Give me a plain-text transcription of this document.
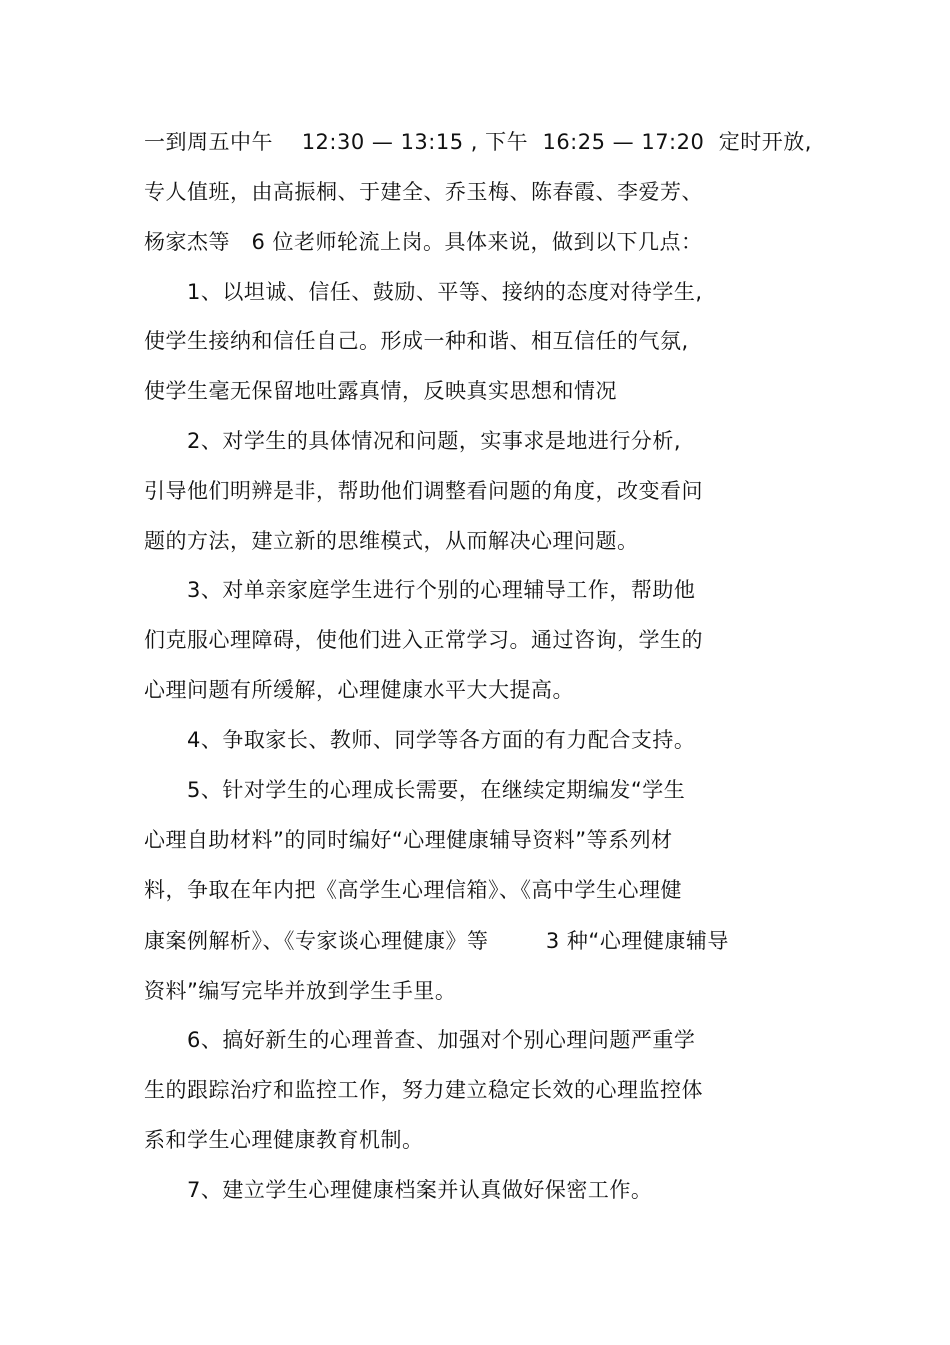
一到周五中午    12:30 — 13:15 , 下午  16:25 — 17:20  定时开放,
专人值班，由高振桐、于建全、乔玉梅、陈春霞、李爱芳、
杨家杰等   6 位老师轮流上岗。具体来说，做到以下几点：
1、以坦诚、信任、鼓励、平等、接纳的态度对待学生,
使学生接纳和信任自己。形成一种和谐、相互信任的气氛,
使学生毫无保留地吐露真情，反映真实思想和情况
2、对学生的具体情况和问题，实事求是地进行分析,
引导他们明辨是非，帮助他们调整看问题的角度，改变看问
题的方法，建立新的思维模式，从而解决心理问题。
3、对单亲家庭学生进行个别的心理辅导工作，帮助他
们克服心理障碍，使他们进入正常学习。通过咨询，学生的
心理问题有所缓解，心理健康水平大大提高。
4、争取家长、教师、同学等各方面的有力配合支持。
5、针对学生的心理成长需要，在继续定期编发“学生
心理自助材料”的同时编好“心理健康辅导资料”等系列材
料，争取在年内把《高学生心理信箱》、《高中学生心理健
康案例解析》、《专家谈心理健康》等        3 种“心理健康辅导
资料”编写完毕并放到学生手里。
6、搞好新生的心理普查、加强对个别心理问题严重学
生的跟踪治疗和监控工作，努力建立稳定长效的心理监控体
系和学生心理健康教育机制。
7、建立学生心理健康档案并认真做好保密工作。
